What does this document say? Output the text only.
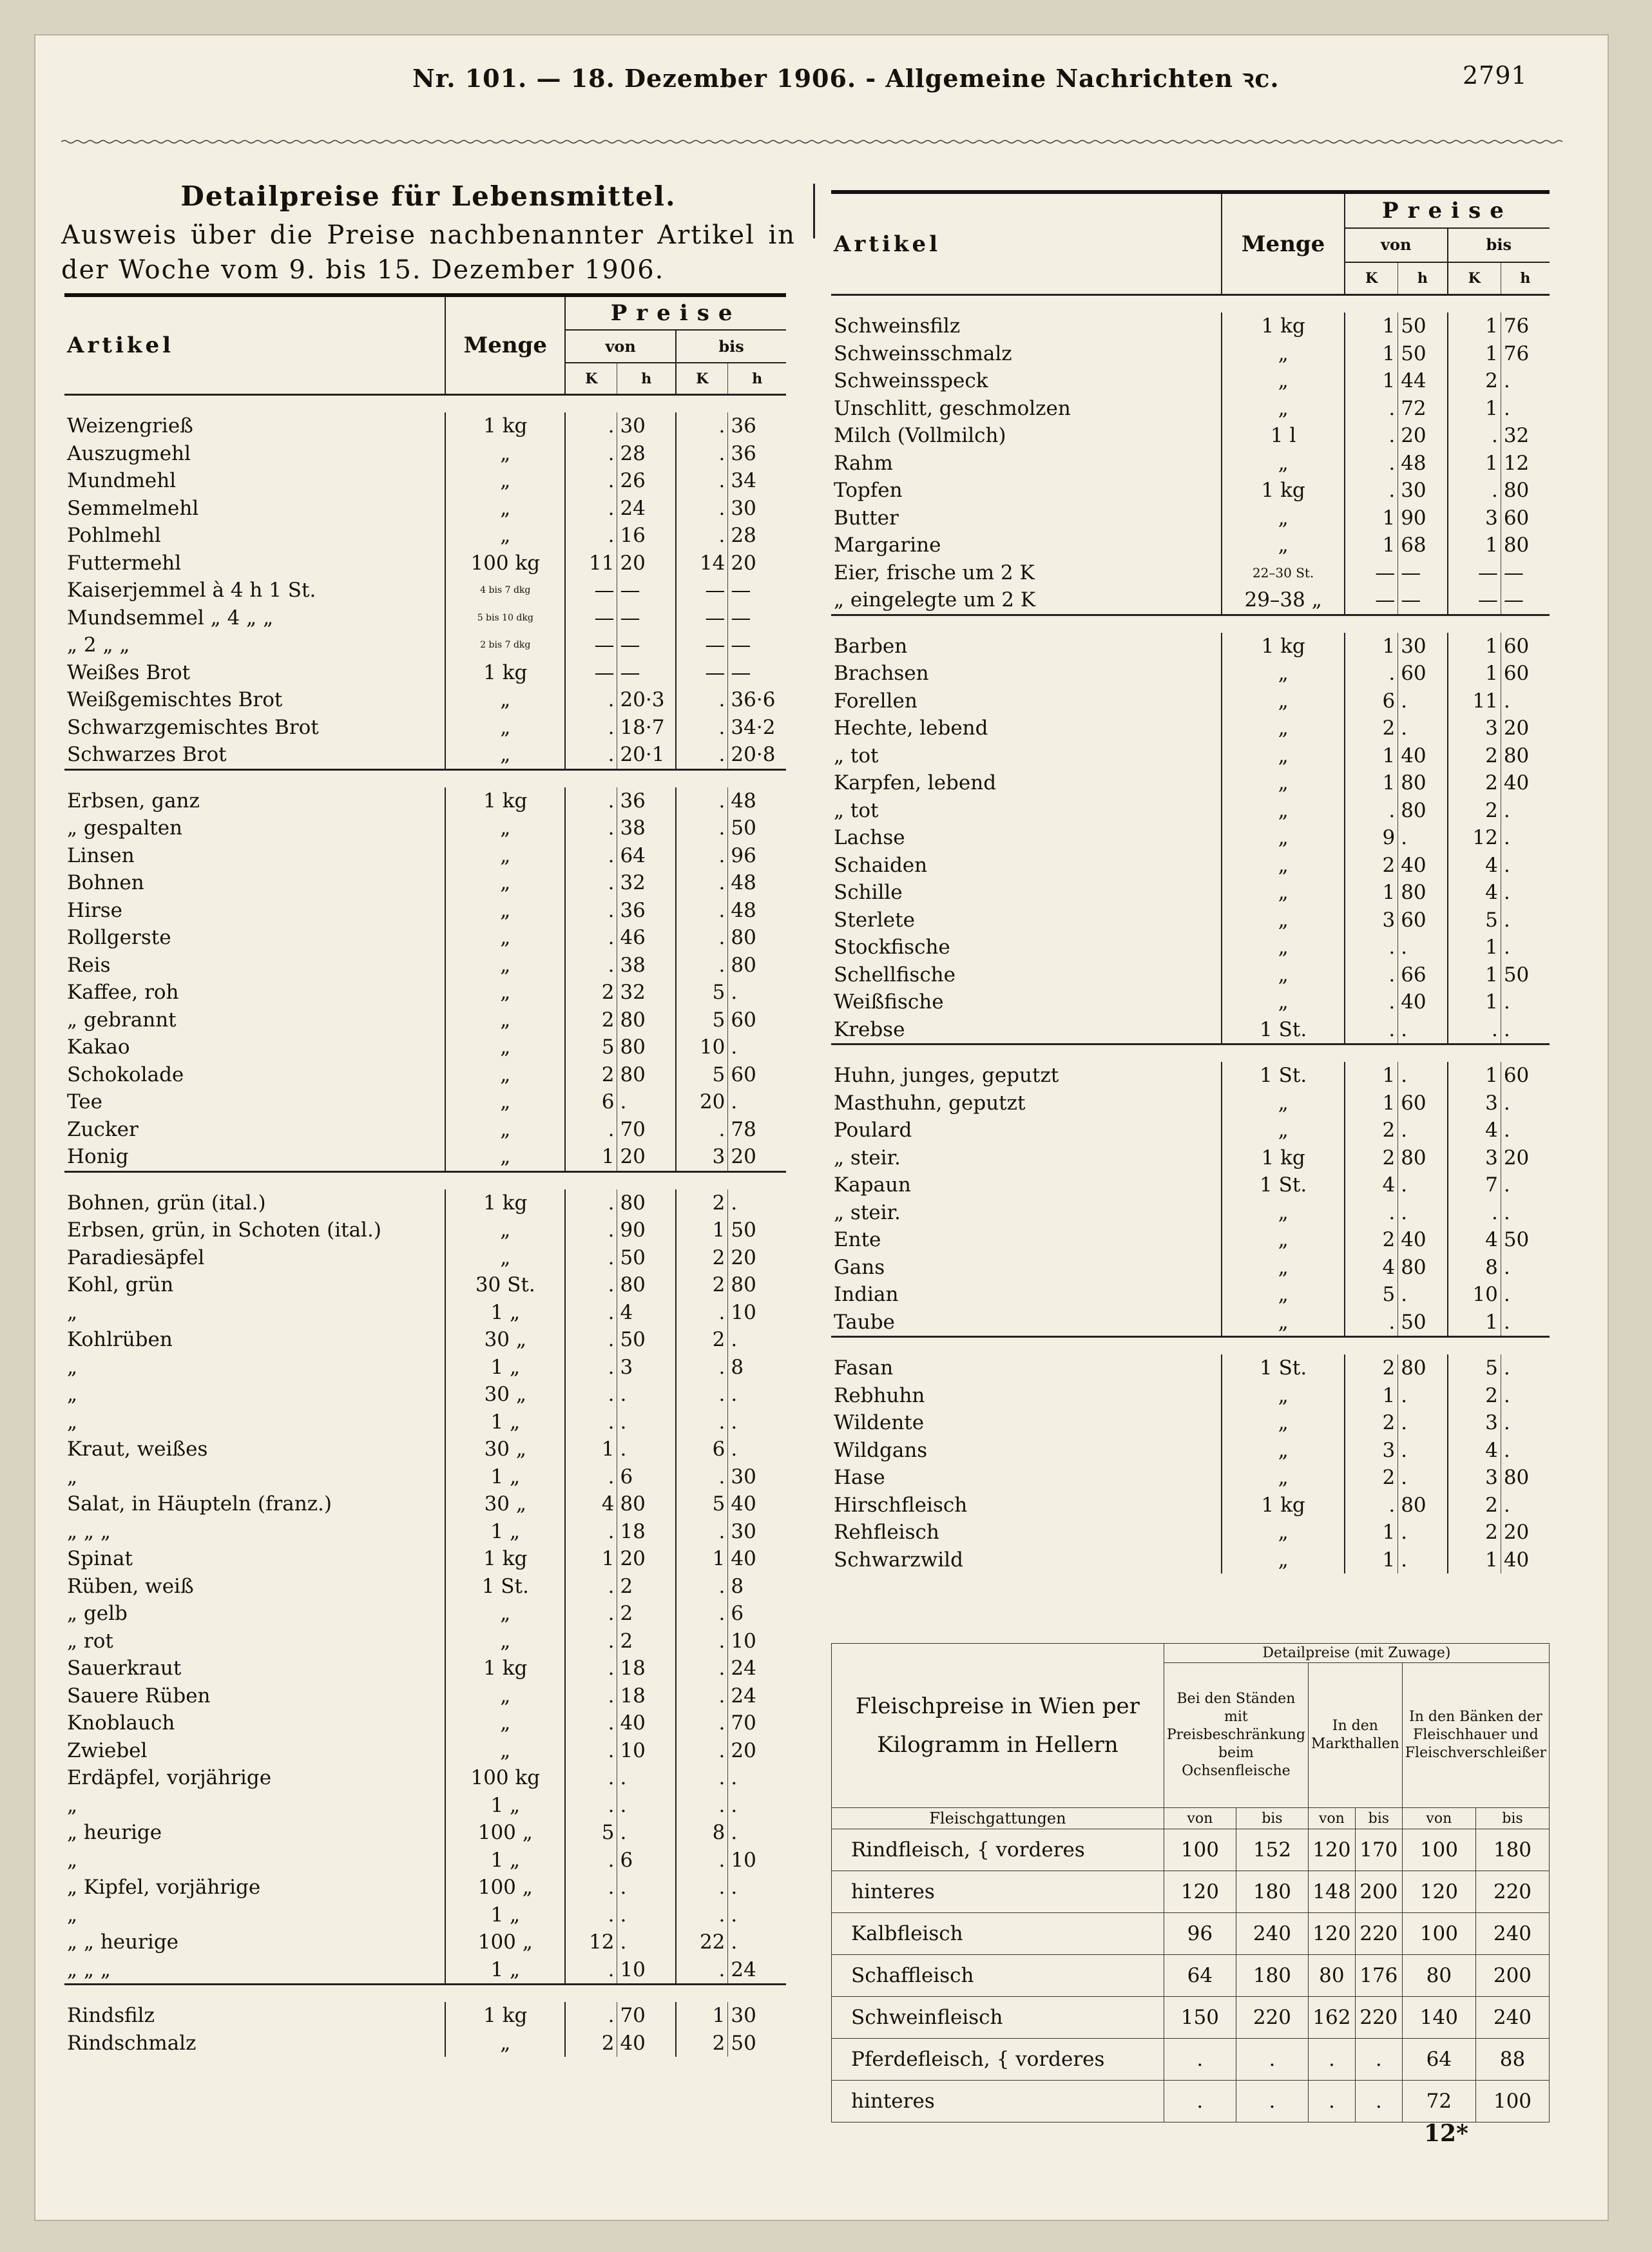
Nr. 101. — 18. Dezember 1906. - Allgemeine Nachrichten ꝛc.	2791
Detailpreise für Lebensmittel.
Ausweis über die Preise nachbenannter Artikel in der Woche vom 9. bis 15. Dezember 1906.
Artikel	Menge	Preise			
		von		bis	
		K	h	K	h

Weizengrieß	1 kg	.	30	.	36
Auszugmehl	„	.	28	.	36
Mundmehl	„	.	26	.	34
Semmelmehl	„	.	24	.	30
Pohlmehl	„	.	16	.	28
Futtermehl	100 kg	11	20	14	20
Kaiserjemmel à 4 h 1 St.	4 bis 7 dkg	—	—	—	—
Mundsemmel „ 4 „ „	5 bis 10 dkg	—	—	—	—
„ 2 „ „	2 bis 7 dkg	—	—	—	—
Weißes Brot	1 kg	—	—	—	—
Weißgemischtes Brot	„	.	20·3	.	36·6
Schwarzgemischtes Brot	„	.	18·7	.	34·2
Schwarzes Brot	„	.	20·1	.	20·8

Erbsen, ganz	1 kg	.	36	.	48
„ gespalten	„	.	38	.	50
Linsen	„	.	64	.	96
Bohnen	„	.	32	.	48
Hirse	„	.	36	.	48
Rollgerste	„	.	46	.	80
Reis	„	.	38	.	80
Kaffee, roh	„	2	32	5	.
„ gebrannt	„	2	80	5	60
Kakao	„	5	80	10	.
Schokolade	„	2	80	5	60
Tee	„	6	.	20	.
Zucker	„	.	70	.	78
Honig	„	1	20	3	20

Bohnen, grün (ital.)	1 kg	.	80	2	.
Erbsen, grün, in Schoten (ital.)	„	.	90	1	50
Paradiesäpfel	„	.	50	2	20
Kohl, grün	30 St.	.	80	2	80
„	1 „	.	4	.	10
Kohlrüben	30 „	.	50	2	.
„	1 „	.	3	.	8
„	30 „	.	.	.	.
„	1 „	.	.	.	.
Kraut, weißes	30 „	1	.	6	.
„	1 „	.	6	.	30
Salat, in Häupteln (franz.)	30 „	4	80	5	40
„ „ „	1 „	.	18	.	30
Spinat	1 kg	1	20	1	40
Rüben, weiß	1 St.	.	2	.	8
„ gelb	„	.	2	.	6
„ rot	„	.	2	.	10
Sauerkraut	1 kg	.	18	.	24
Sauere Rüben	„	.	18	.	24
Knoblauch	„	.	40	.	70
Zwiebel	„	.	10	.	20
Erdäpfel, vorjährige	100 kg	.	.	.	.
„	1 „	.	.	.	.
„ heurige	100 „	5	.	8	.
„	1 „	.	6	.	10
„ Kipfel, vorjährige	100 „	.	.	.	.
„	1 „	.	.	.	.
„ „ heurige	100 „	12	.	22	.
„ „ „	1 „	.	10	.	24

Rindsfilz	1 kg	.	70	1	30
Rindschmalz	„	2	40	2	50
Artikel	Menge	Preise			
		von		bis	
		K	h	K	h

Schweinsfilz	1 kg	1	50	1	76
Schweinsschmalz	„	1	50	1	76
Schweinsspeck	„	1	44	2	.
Unschlitt, geschmolzen	„	.	72	1	.
Milch (Vollmilch)	1 l	.	20	.	32
Rahm	„	.	48	1	12
Topfen	1 kg	.	30	.	80
Butter	„	1	90	3	60
Margarine	„	1	68	1	80
Eier, frische um 2 K	22–30 St.	—	—	—	—
„ eingelegte um 2 K	29–38 „	—	—	—	—

Barben	1 kg	1	30	1	60
Brachsen	„	.	60	1	60
Forellen	„	6	.	11	.
Hechte, lebend	„	2	.	3	20
„ tot	„	1	40	2	80
Karpfen, lebend	„	1	80	2	40
„ tot	„	.	80	2	.
Lachse	„	9	.	12	.
Schaiden	„	2	40	4	.
Schille	„	1	80	4	.
Sterlete	„	3	60	5	.
Stockfische	„	.	.	1	.
Schellfische	„	.	66	1	50
Weißfische	„	.	40	1	.
Krebse	1 St.	.	.	.	.

Huhn, junges, geputzt	1 St.	1	.	1	60
Masthuhn, geputzt	„	1	60	3	.
Poulard	„	2	.	4	.
„ steir.	1 kg	2	80	3	20
Kapaun	1 St.	4	.	7	.
„ steir.	„	.	.	.	.
Ente	„	2	40	4	50
Gans	„	4	80	8	.
Indian	„	5	.	10	.
Taube	„	.	50	1	.

Fasan	1 St.	2	80	5	.
Rebhuhn	„	1	.	2	.
Wildente	„	2	.	3	.
Wildgans	„	3	.	4	.
Hase	„	2	.	3	80
Hirschfleisch	1 kg	.	80	2	.
Rehfleisch	„	1	.	2	20
Schwarzwild	„	1	.	1	40
Fleischpreise in Wien per Kilogramm in Hellern	Detailpreise (mit Zuwage)					
	Bei den Ständen mit Preisbeschränkung beim Ochsenfleische		In den Markthallen		In den Bänken der Fleischhauer und Fleischverschleißer	
Fleischgattungen	von	bis	von	bis	von	bis
Rindfleisch, { vorderes	100	152	120	170	100	180
hinteres	120	180	148	200	120	220
Kalbfleisch	96	240	120	220	100	240
Schaffleisch	64	180	80	176	80	200
Schweinfleisch	150	220	162	220	140	240
Pferdefleisch, { vorderes	.	.	.	.	64	88
hinteres	.	.	.	.	72	100
12*
